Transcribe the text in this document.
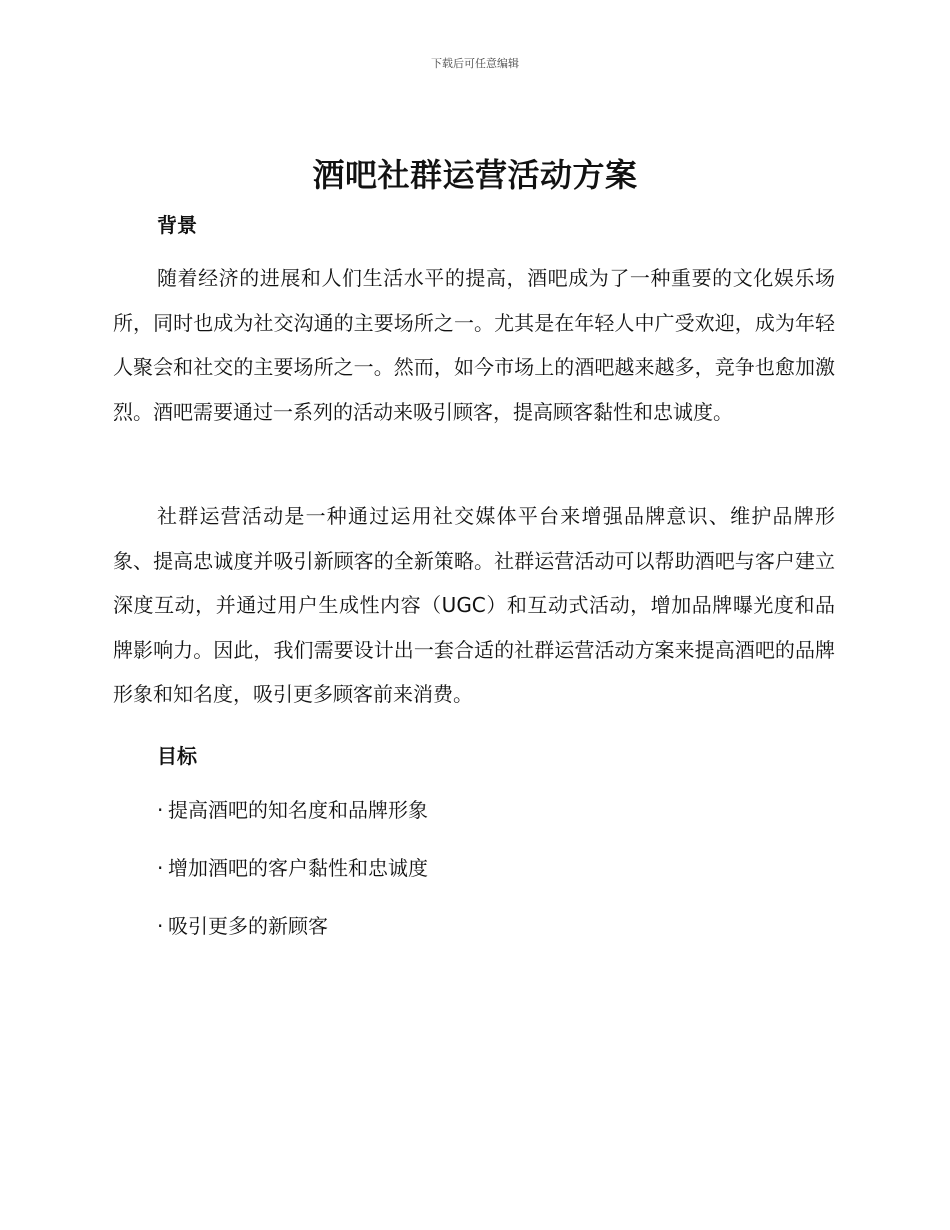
下载后可任意编辑
酒吧社群运营活动方案
背景

随着经济的进展和人们生活水平的提高，酒吧成为了一种重要的文化娱乐场所，同时也成为社交沟通的主要场所之一。尤其是在年轻人中广受欢迎，成为年轻人聚会和社交的主要场所之一。然而，如今市场上的酒吧越来越多，竞争也愈加激烈。酒吧需要通过一系列的活动来吸引顾客，提高顾客黏性和忠诚度。

社群运营活动是一种通过运用社交媒体平台来增强品牌意识、维护品牌形象、提高忠诚度并吸引新顾客的全新策略。社群运营活动可以帮助酒吧与客户建立深度互动，并通过用户生成性内容（UGC）和互动式活动，增加品牌曝光度和品牌影响力。因此，我们需要设计出一套合适的社群运营活动方案来提高酒吧的品牌形象和知名度，吸引更多顾客前来消费。

目标
· 提高酒吧的知名度和品牌形象
· 增加酒吧的客户黏性和忠诚度
· 吸引更多的新顾客
